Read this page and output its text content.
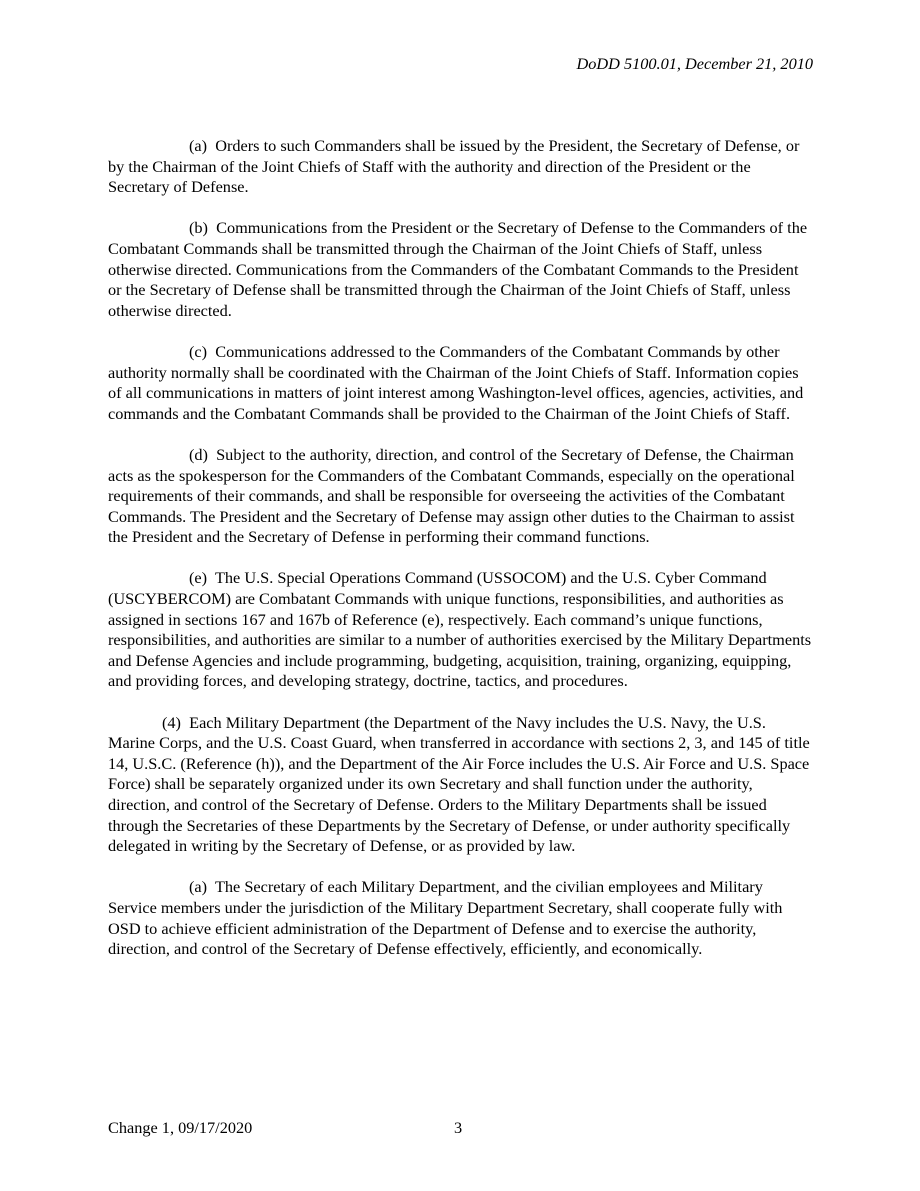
DoDD 5100.01, December 21, 2010

(a) Orders to such Commanders shall be issued by the President, the Secretary of Defense, or by the Chairman of the Joint Chiefs of Staff with the authority and direction of the President or the Secretary of Defense.

(b) Communications from the President or the Secretary of Defense to the Commanders of the Combatant Commands shall be transmitted through the Chairman of the Joint Chiefs of Staff, unless otherwise directed. Communications from the Commanders of the Combatant Commands to the President or the Secretary of Defense shall be transmitted through the Chairman of the Joint Chiefs of Staff, unless otherwise directed.

(c) Communications addressed to the Commanders of the Combatant Commands by other authority normally shall be coordinated with the Chairman of the Joint Chiefs of Staff. Information copies of all communications in matters of joint interest among Washington-level offices, agencies, activities, and commands and the Combatant Commands shall be provided to the Chairman of the Joint Chiefs of Staff.

(d) Subject to the authority, direction, and control of the Secretary of Defense, the Chairman acts as the spokesperson for the Commanders of the Combatant Commands, especially on the operational requirements of their commands, and shall be responsible for overseeing the activities of the Combatant Commands. The President and the Secretary of Defense may assign other duties to the Chairman to assist the President and the Secretary of Defense in performing their command functions.

(e) The U.S. Special Operations Command (USSOCOM) and the U.S. Cyber Command (USCYBERCOM) are Combatant Commands with unique functions, responsibilities, and authorities as assigned in sections 167 and 167b of Reference (e), respectively. Each command’s unique functions, responsibilities, and authorities are similar to a number of authorities exercised by the Military Departments and Defense Agencies and include programming, budgeting, acquisition, training, organizing, equipping, and providing forces, and developing strategy, doctrine, tactics, and procedures.

(4) Each Military Department (the Department of the Navy includes the U.S. Navy, the U.S. Marine Corps, and the U.S. Coast Guard, when transferred in accordance with sections 2, 3, and 145 of title 14, U.S.C. (Reference (h)), and the Department of the Air Force includes the U.S. Air Force and U.S. Space Force) shall be separately organized under its own Secretary and shall function under the authority, direction, and control of the Secretary of Defense. Orders to the Military Departments shall be issued through the Secretaries of these Departments by the Secretary of Defense, or under authority specifically delegated in writing by the Secretary of Defense, or as provided by law.

(a) The Secretary of each Military Department, and the civilian employees and Military Service members under the jurisdiction of the Military Department Secretary, shall cooperate fully with OSD to achieve efficient administration of the Department of Defense and to exercise the authority, direction, and control of the Secretary of Defense effectively, efficiently, and economically.

Change 1, 09/17/2020	3
